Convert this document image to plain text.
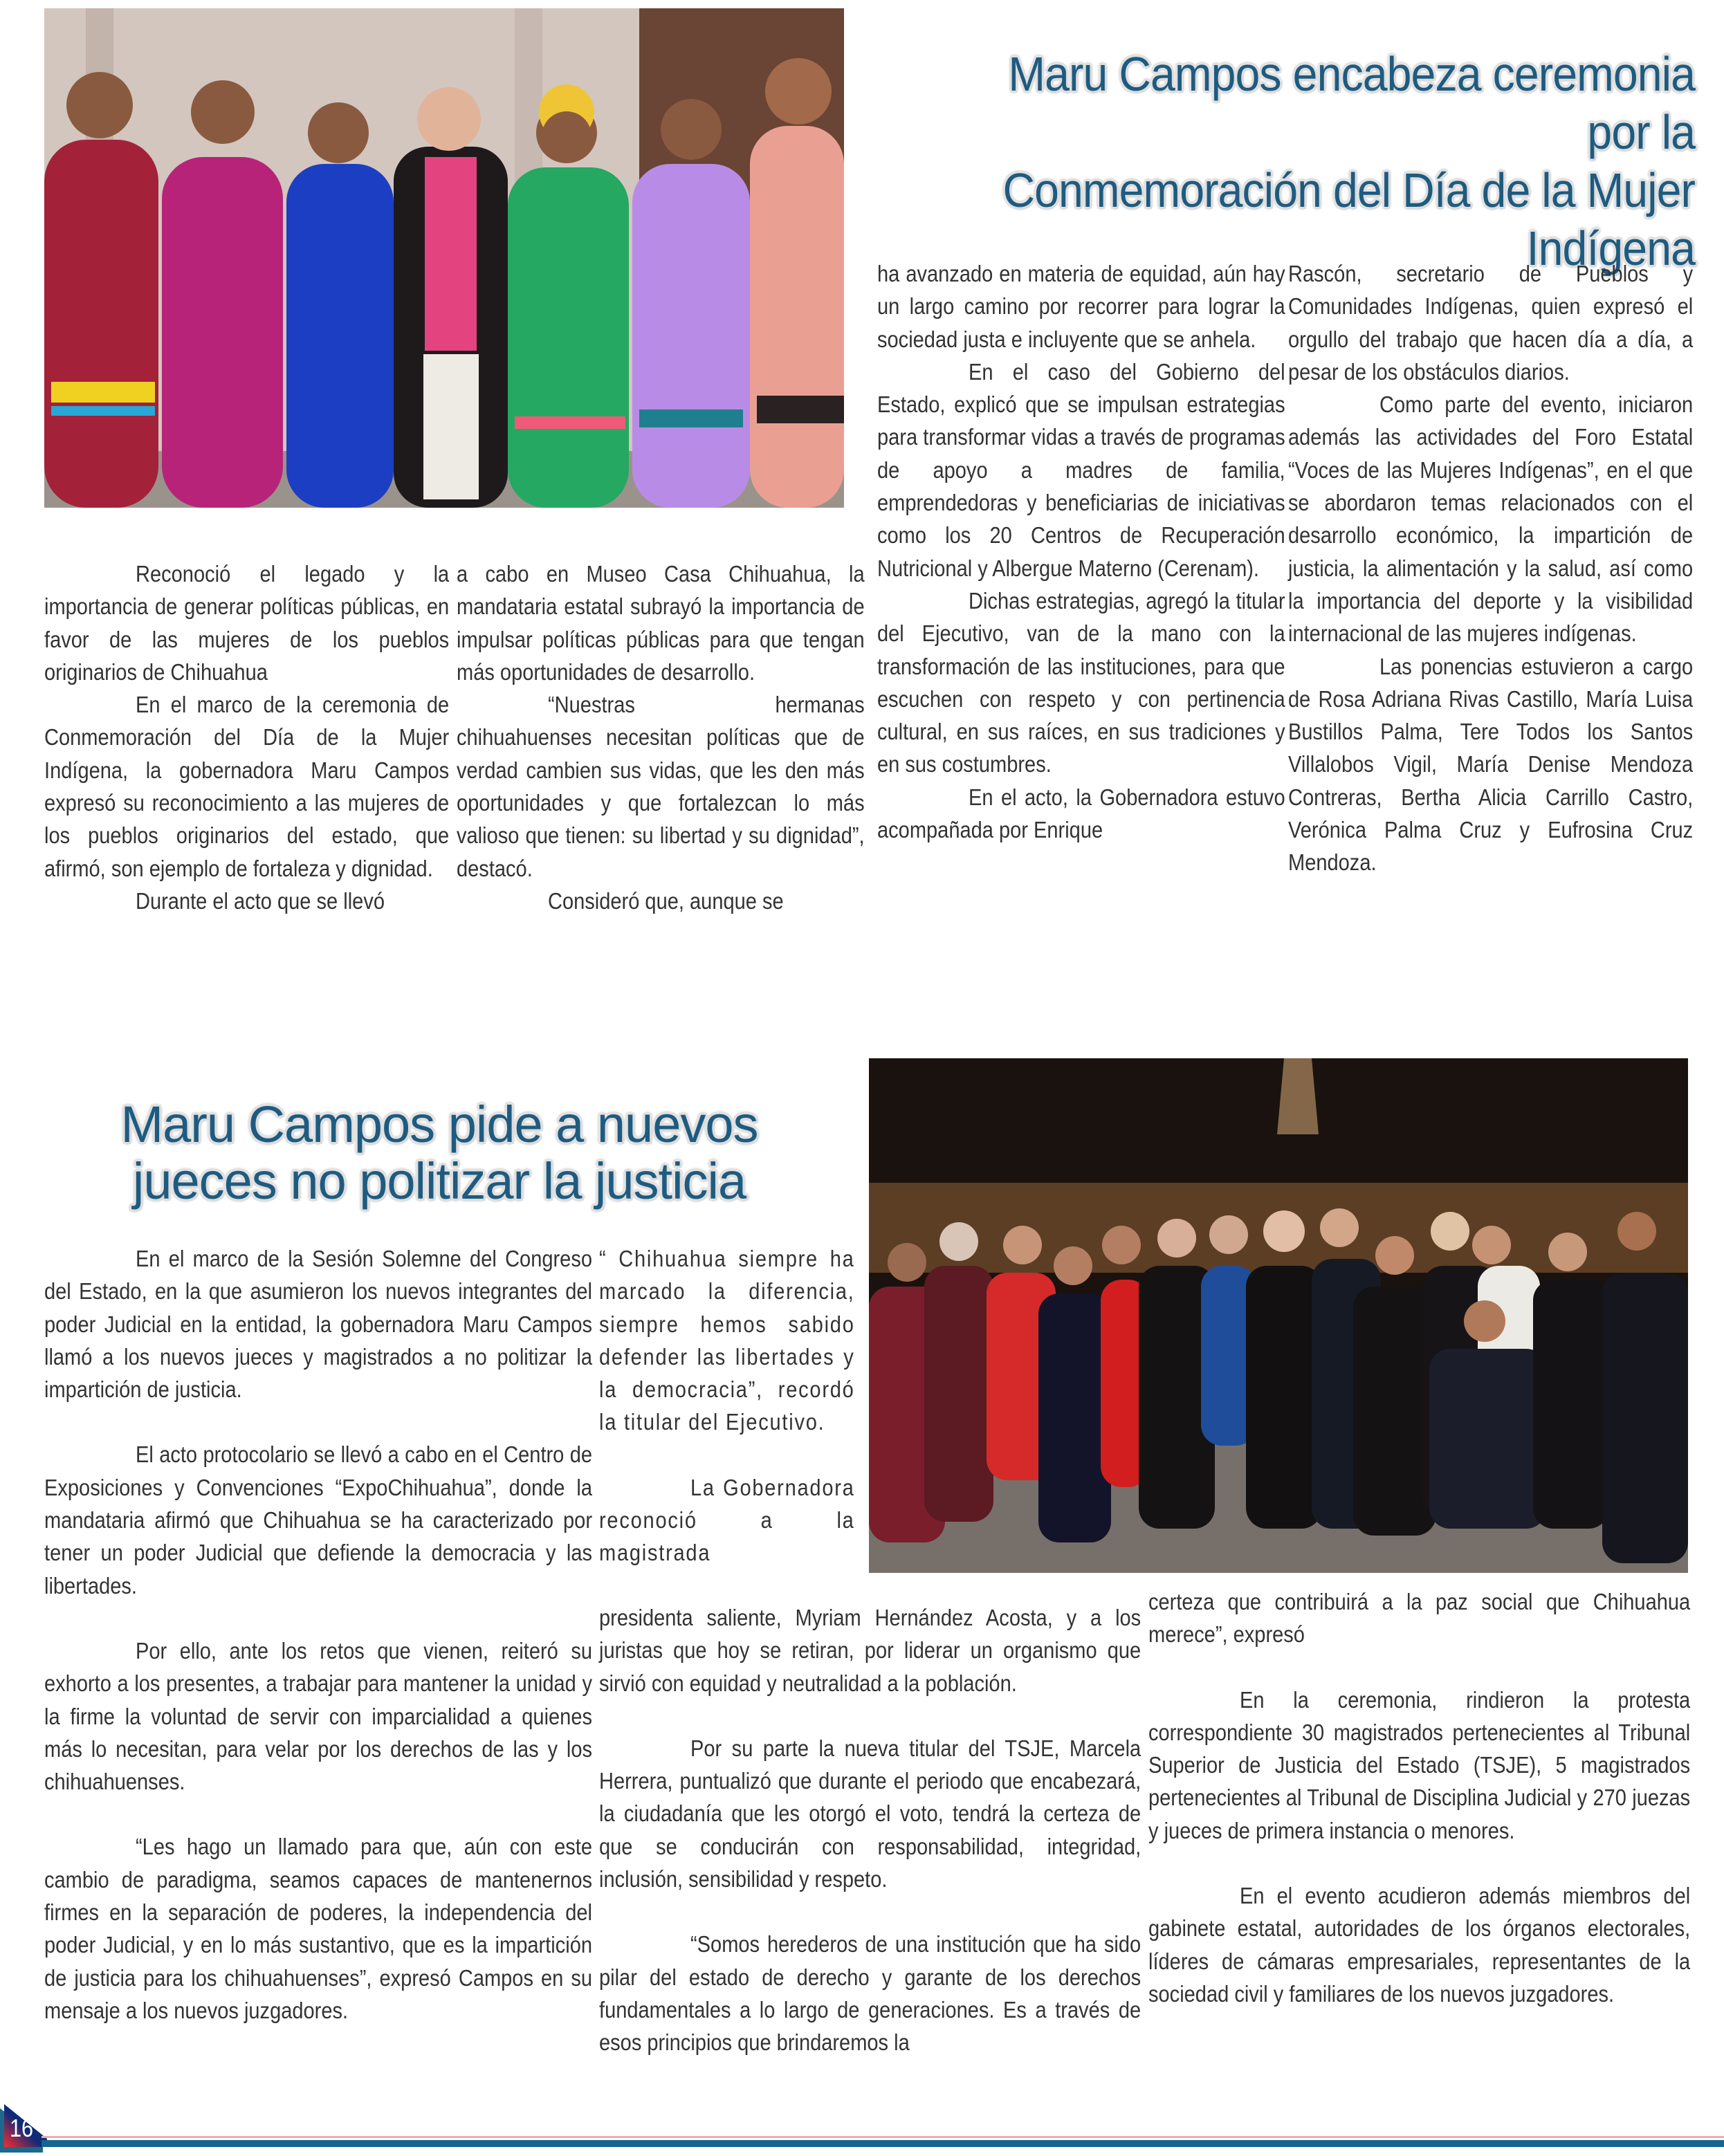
Maru Campos encabeza ceremonia por la
Conmemoración del Día de la Mujer
Indígena

Reconoció el legado y la importancia de generar políticas públicas, en favor de las mujeres de los pueblos originarios de Chihuahua

En el marco de la ceremonia de Conmemoración del Día de la Mujer Indígena, la gobernadora Maru Campos expresó su reconocimiento a las mujeres de los pueblos originarios del estado, que afirmó, son ejemplo de fortaleza y dignidad.

Durante el acto que se llevó

a cabo en Museo Casa Chihuahua, la mandataria estatal subrayó la importancia de impulsar políticas públicas para que tengan más oportunidades de desarrollo.

“Nuestras hermanas chihuahuenses necesitan políticas que de verdad cambien sus vidas, que les den más oportunidades y que fortalezcan lo más valioso que tienen: su libertad y su dignidad”, destacó.

Consideró que, aunque se

ha avanzado en materia de equidad, aún hay un largo camino por recorrer para lograr la sociedad justa e incluyente que se anhela.

En el caso del Gobierno del Estado, explicó que se impulsan estrategias para transformar vidas a través de programas de apoyo a madres de familia, emprendedoras y beneficiarias de iniciativas como los 20 Centros de Recuperación Nutricional y Albergue Materno (Cerenam).

Dichas estrategias, agregó la titular del Ejecutivo, van de la mano con la transformación de las instituciones, para que escuchen con respeto y con pertinencia cultural, en sus raíces, en sus tradiciones y en sus costumbres.

En el acto, la Gobernadora estuvo acompañada por Enrique

Rascón, secretario de Pueblos y Comunidades Indígenas, quien expresó el orgullo del trabajo que hacen día a día, a pesar de los obstáculos diarios.

Como parte del evento, iniciaron además las actividades del Foro Estatal “Voces de las Mujeres Indígenas”, en el que se abordaron temas relacionados con el desarrollo económico, la impartición de justicia, la alimentación y la salud, así como la importancia del deporte y la visibilidad internacional de las mujeres indígenas.

Las ponencias estuvieron a cargo de Rosa Adriana Rivas Castillo, María Luisa Bustillos Palma, Tere Todos los Santos Villalobos Vigil, María Denise Mendoza Contreras, Bertha Alicia Carrillo Castro, Verónica Palma Cruz y Eufrosina Cruz Mendoza.

Maru Campos pide a nuevos
jueces no politizar la justicia

En el marco de la Sesión Solemne del Congreso del Estado, en la que asumieron los nuevos integrantes del poder Judicial en la entidad, la gobernadora Maru Campos llamó a los nuevos jueces y magistrados a no politizar la impartición de justicia.

El acto protocolario se llevó a cabo en el Centro de Exposiciones y Convenciones “ExpoChihuahua”, donde la mandataria afirmó que Chihuahua se ha caracterizado por tener un poder Judicial que defiende la democracia y las libertades.

Por ello, ante los retos que vienen, reiteró su exhorto a los presentes, a trabajar para mantener la unidad y la firme la voluntad de servir con imparcialidad a quienes más lo necesitan, para velar por los derechos de las y los chihuahuenses.

“Les hago un llamado para que, aún con este cambio de paradigma, seamos capaces de mantenernos firmes en la separación de poderes, la independencia del poder Judicial, y en lo más sustantivo, que es la impartición de justicia para los chihuahuenses”, expresó Campos en su mensaje a los nuevos juzgadores.

“ Chihuahua siempre ha marcado la diferencia, siempre hemos sabido defender las libertades y la democracia”, recordó la titular del Ejecutivo.

La Gobernadora reconoció a la magistrada

presidenta saliente, Myriam Hernández Acosta, y a los juristas que hoy se retiran, por liderar un organismo que sirvió con equidad y neutralidad a la población.

Por su parte la nueva titular del TSJE, Marcela Herrera, puntualizó que durante el periodo que encabezará, la ciudadanía que les otorgó el voto, tendrá la certeza de que se conducirán con responsabilidad, integridad, inclusión, sensibilidad y respeto.

“Somos herederos de una institución que ha sido pilar del estado de derecho y garante de los derechos fundamentales a lo largo de generaciones. Es a través de esos principios que brindaremos la

certeza que contribuirá a la paz social que Chihuahua merece”, expresó

En la ceremonia, rindieron la protesta correspondiente 30 magistrados pertenecientes al Tribunal Superior de Justicia del Estado (TSJE), 5 magistrados pertenecientes al Tribunal de Disciplina Judicial y 270 juezas y jueces de primera instancia o menores.

En el evento acudieron además miembros del gabinete estatal, autoridades de los órganos electorales, líderes de cámaras empresariales, representantes de la sociedad civil y familiares de los nuevos juzgadores.

16
